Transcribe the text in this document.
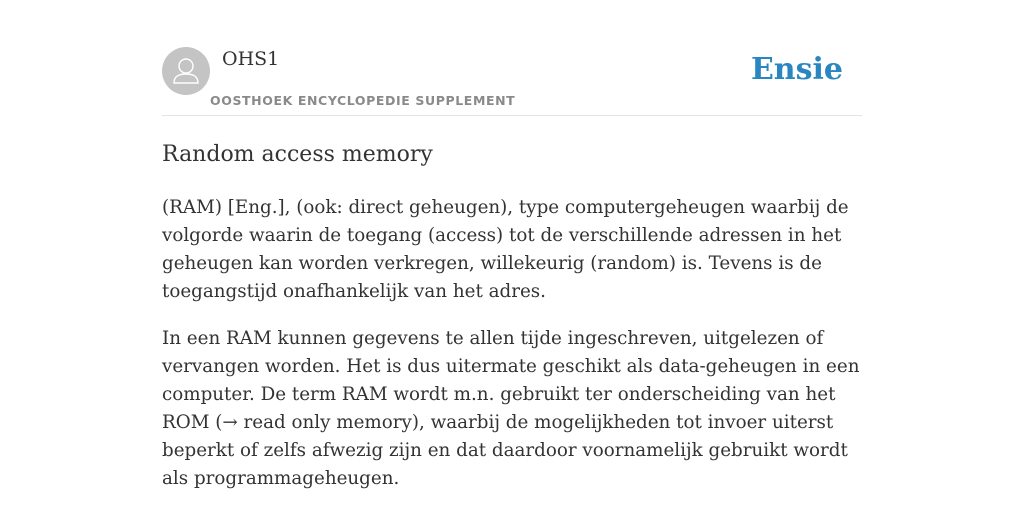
OHS1
OOSTHOEK ENCYCLOPEDIE SUPPLEMENT
Ensie
Random access memory

(RAM) [Eng.], (ook: direct geheugen), type computergeheugen waarbij de volgorde waarin de toegang (access) tot de verschillende adressen in het geheugen kan worden verkregen, willekeurig (random) is. Tevens is de toegangstijd onafhankelijk van het adres.

In een RAM kunnen gegevens te allen tijde ingeschreven, uitgelezen of vervangen worden. Het is dus uitermate geschikt als data-geheugen in een computer. De term RAM wordt m.n. gebruikt ter onderscheiding van het ROM (→ read only memory), waarbij de mogelijkheden tot invoer uiterst beperkt of zelfs afwezig zijn en dat daardoor voornamelijk gebruikt wordt als programmageheugen.
